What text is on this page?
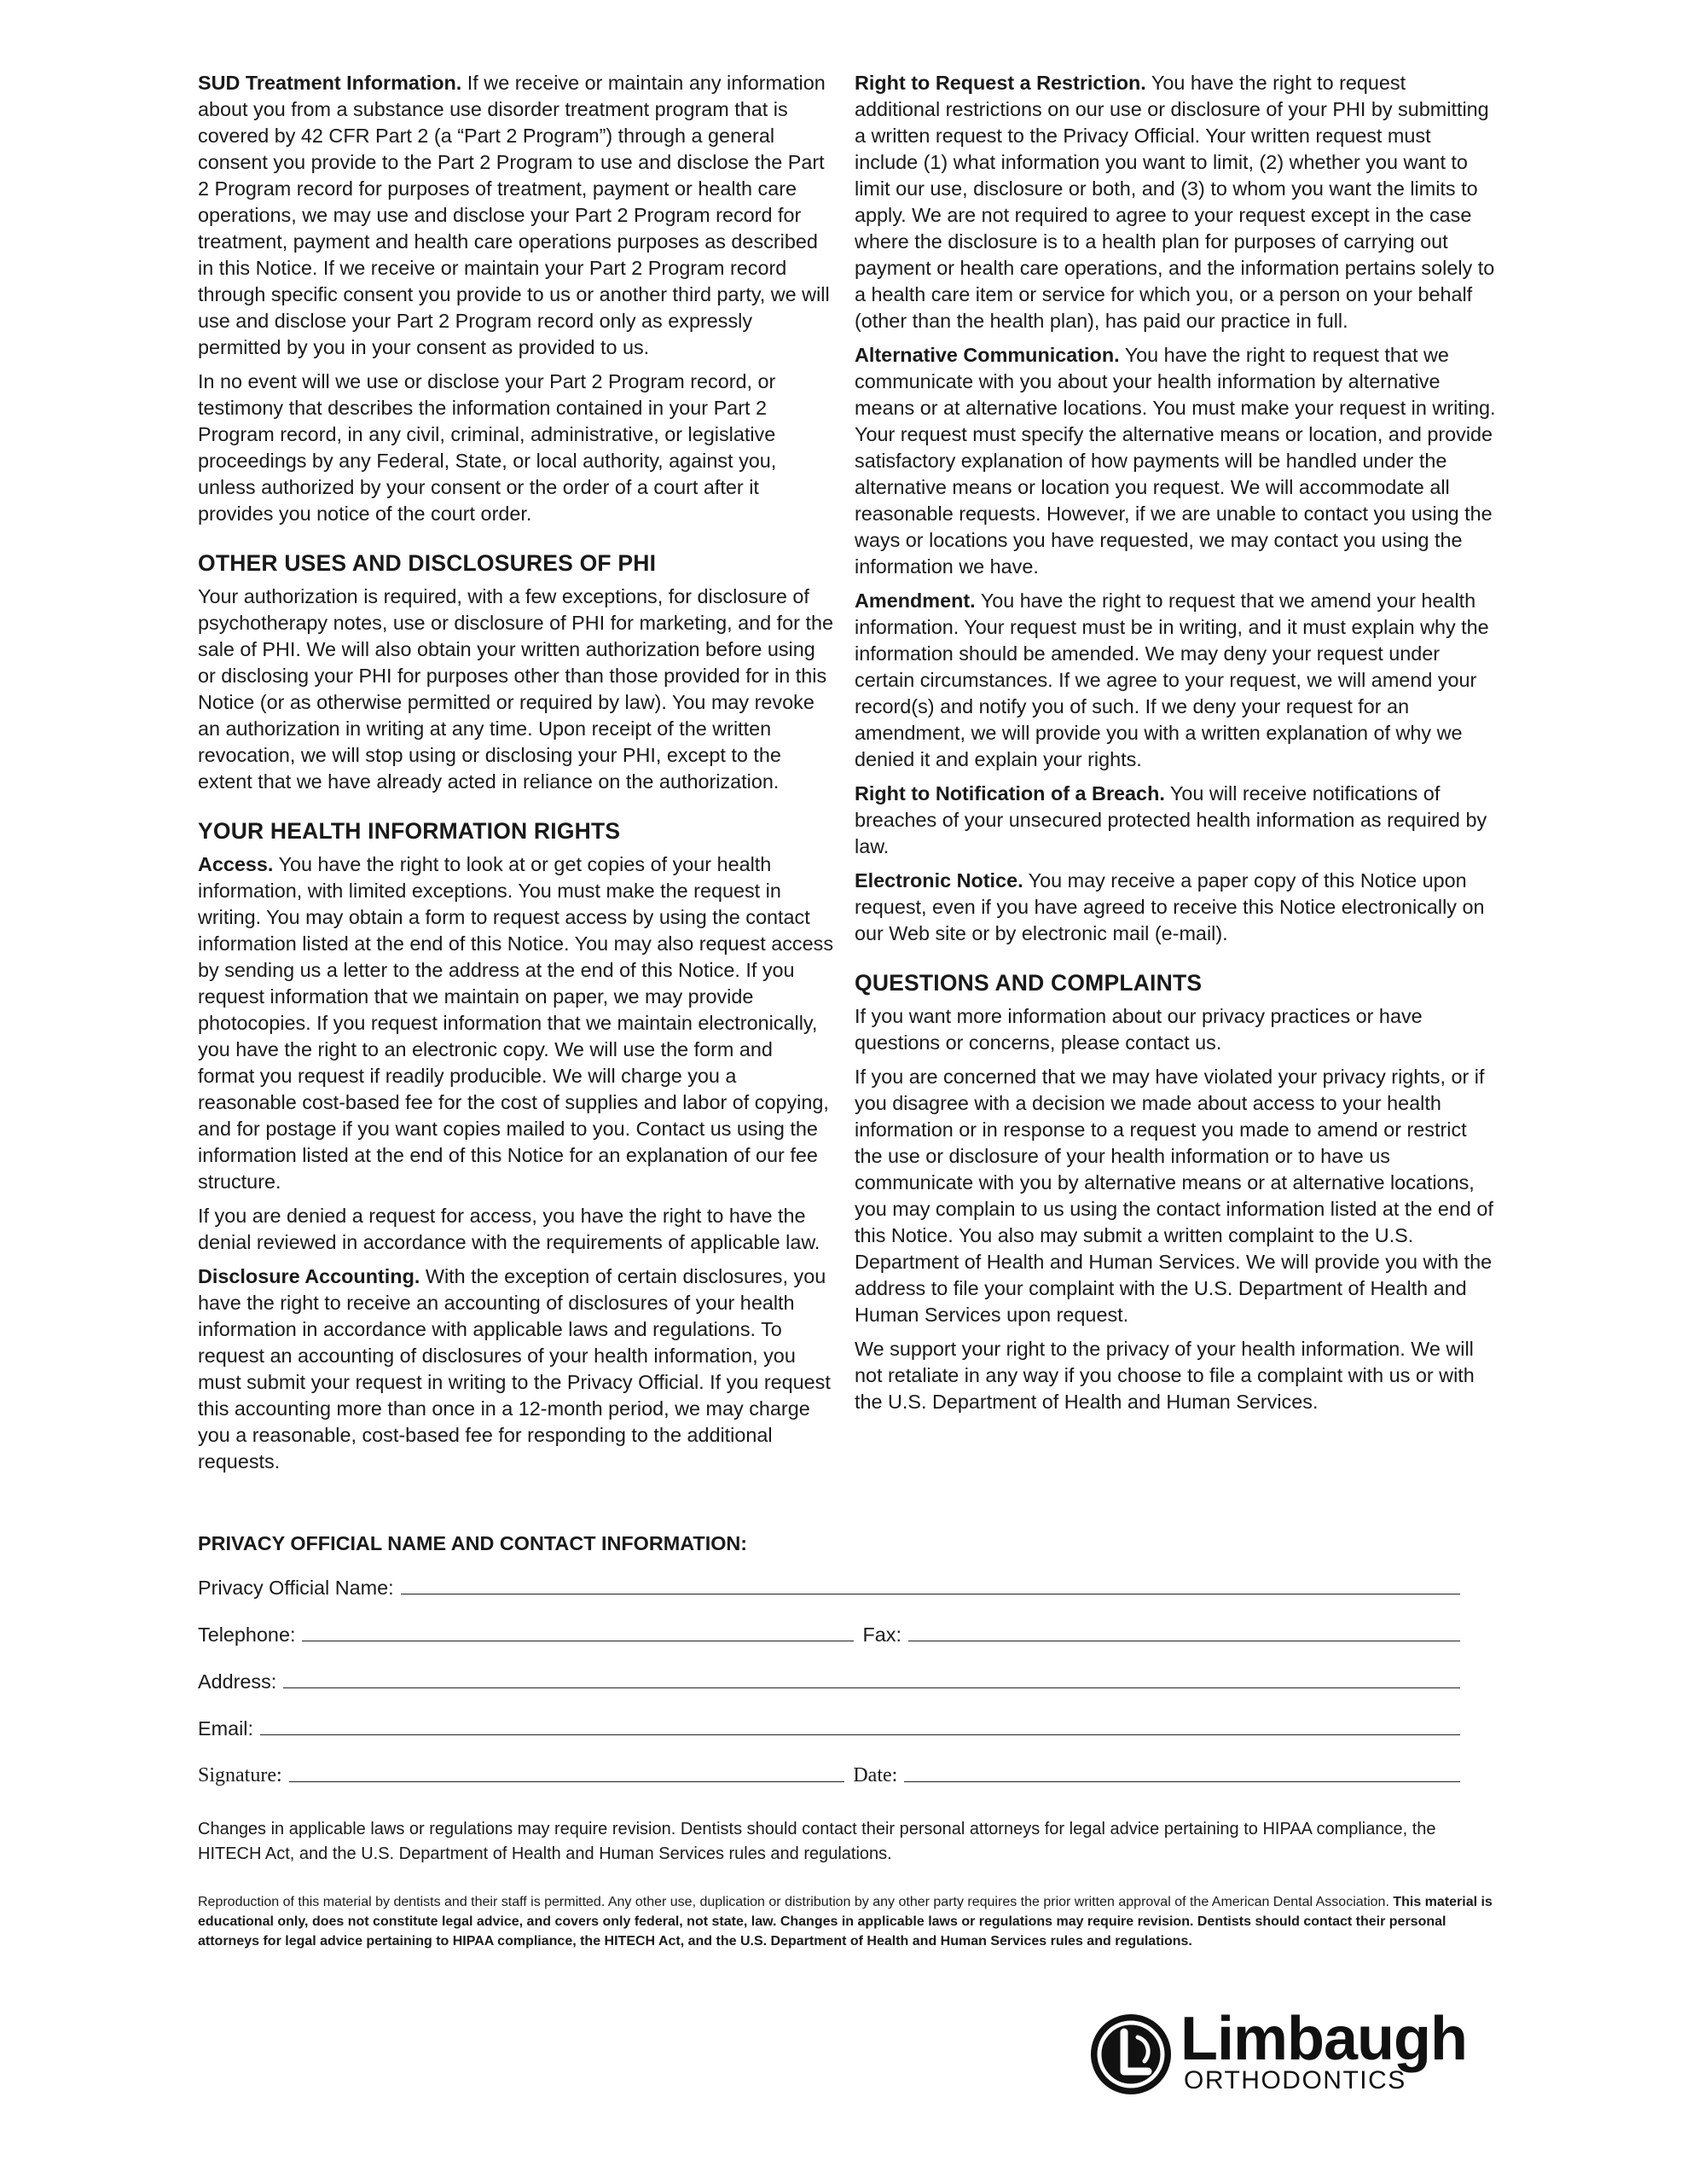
SUD Treatment Information. If we receive or maintain any information about you from a substance use disorder treatment program that is covered by 42 CFR Part 2 (a “Part 2 Program”) through a general consent you provide to the Part 2 Program to use and disclose the Part 2 Program record for purposes of treatment, payment or health care operations, we may use and disclose your Part 2 Program record for treatment, payment and health care operations purposes as described in this Notice. If we receive or maintain your Part 2 Program record through specific consent you provide to us or another third party, we will use and disclose your Part 2 Program record only as expressly permitted by you in your consent as provided to us.

In no event will we use or disclose your Part 2 Program record, or testimony that describes the information contained in your Part 2 Program record, in any civil, criminal, administrative, or legislative proceedings by any Federal, State, or local authority, against you, unless authorized by your consent or the order of a court after it provides you notice of the court order.

OTHER USES AND DISCLOSURES OF PHI

Your authorization is required, with a few exceptions, for disclosure of psychotherapy notes, use or disclosure of PHI for marketing, and for the sale of PHI. We will also obtain your written authorization before using or disclosing your PHI for purposes other than those provided for in this Notice (or as otherwise permitted or required by law). You may revoke an authorization in writing at any time. Upon receipt of the written revocation, we will stop using or disclosing your PHI, except to the extent that we have already acted in reliance on the authorization.

YOUR HEALTH INFORMATION RIGHTS

Access. You have the right to look at or get copies of your health information, with limited exceptions. You must make the request in writing. You may obtain a form to request access by using the contact information listed at the end of this Notice. You may also request access by sending us a letter to the address at the end of this Notice. If you request information that we maintain on paper, we may provide photocopies. If you request information that we maintain electronically, you have the right to an electronic copy. We will use the form and format you request if readily producible. We will charge you a reasonable cost-based fee for the cost of supplies and labor of copying, and for postage if you want copies mailed to you. Contact us using the information listed at the end of this Notice for an explanation of our fee structure.

If you are denied a request for access, you have the right to have the denial reviewed in accordance with the requirements of applicable law.

Disclosure Accounting. With the exception of certain disclosures, you have the right to receive an accounting of disclosures of your health information in accordance with applicable laws and regulations. To request an accounting of disclosures of your health information, you must submit your request in writing to the Privacy Official. If you request this accounting more than once in a 12-month period, we may charge you a reasonable, cost-based fee for responding to the additional requests.

Right to Request a Restriction. You have the right to request additional restrictions on our use or disclosure of your PHI by submitting a written request to the Privacy Official. Your written request must include (1) what information you want to limit, (2) whether you want to limit our use, disclosure or both, and (3) to whom you want the limits to apply. We are not required to agree to your request except in the case where the disclosure is to a health plan for purposes of carrying out payment or health care operations, and the information pertains solely to a health care item or service for which you, or a person on your behalf (other than the health plan), has paid our practice in full.

Alternative Communication. You have the right to request that we communicate with you about your health information by alternative means or at alternative locations. You must make your request in writing. Your request must specify the alternative means or location, and provide satisfactory explanation of how payments will be handled under the alternative means or location you request. We will accommodate all reasonable requests. However, if we are unable to contact you using the ways or locations you have requested, we may contact you using the information we have.

Amendment. You have the right to request that we amend your health information. Your request must be in writing, and it must explain why the information should be amended. We may deny your request under certain circumstances. If we agree to your request, we will amend your record(s) and notify you of such. If we deny your request for an amendment, we will provide you with a written explanation of why we denied it and explain your rights.

Right to Notification of a Breach. You will receive notifications of breaches of your unsecured protected health information as required by law.

Electronic Notice. You may receive a paper copy of this Notice upon request, even if you have agreed to receive this Notice electronically on our Web site or by electronic mail (e-mail).

QUESTIONS AND COMPLAINTS

If you want more information about our privacy practices or have questions or concerns, please contact us.

If you are concerned that we may have violated your privacy rights, or if you disagree with a decision we made about access to your health information or in response to a request you made to amend or restrict the use or disclosure of your health information or to have us communicate with you by alternative means or at alternative locations, you may complain to us using the contact information listed at the end of this Notice. You also may submit a written complaint to the U.S. Department of Health and Human Services. We will provide you with the address to file your complaint with the U.S. Department of Health and Human Services upon request.

We support your right to the privacy of your health information. We will not retaliate in any way if you choose to file a complaint with us or with the U.S. Department of Health and Human Services.

PRIVACY OFFICIAL NAME AND CONTACT INFORMATION:
Privacy Official Name:
Telephone:	Fax:
Address:
Email:
Signature:	Date:
Changes in applicable laws or regulations may require revision. Dentists should contact their personal attorneys for legal advice pertaining to HIPAA compliance, the HITECH Act, and the U.S. Department of Health and Human Services rules and regulations.
Reproduction of this material by dentists and their staff is permitted. Any other use, duplication or distribution by any other party requires the prior written approval of the American Dental Association. This material is educational only, does not constitute legal advice, and covers only federal, not state, law. Changes in applicable laws or regulations may require revision. Dentists should contact their personal attorneys for legal advice pertaining to HIPAA compliance, the HITECH Act, and the U.S. Department of Health and Human Services rules and regulations.
Limbaugh
ORTHODONTICS
